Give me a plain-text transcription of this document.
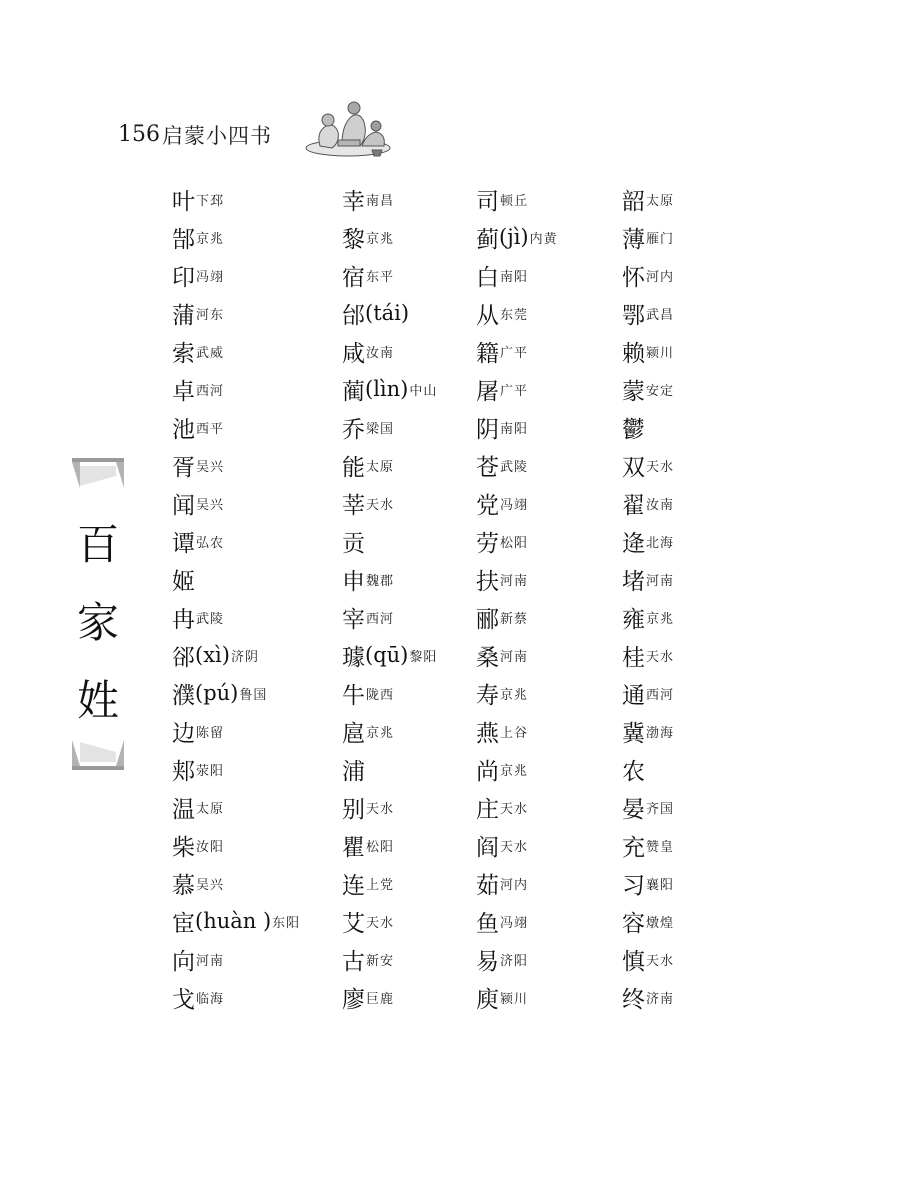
156 启蒙小四书
百
家
姓
叶 下邳
郜 京兆
印 冯翊
蒲 河东
索 武威
卓 西河
池 西平
胥 吴兴
闻 吴兴
谭 弘农
姬
冉 武陵
郤 (xì) 济阴
濮 (pú) 鲁国
边 陈留
郏 荥阳
温 太原
柴 汝阳
慕 吴兴
宦 (huàn ) 东阳
向 河南
戈 临海
幸 南昌
黎 京兆
宿 东平
邰 (tái)
咸 汝南
蔺 (lìn) 中山
乔 梁国
能 太原
莘 天水
贡
申 魏郡
宰 西河
璩 (qū) 黎阳
牛 陇西
扈 京兆
浦
别 天水
瞿 松阳
连 上党
艾 天水
古 新安
廖 巨鹿
司 顿丘
蓟 (jì) 内黄
白 南阳
从 东莞
籍 广平
屠 广平
阴 南阳
苍 武陵
党 冯翊
劳 松阳
扶 河南
郦 新蔡
桑 河南
寿 京兆
燕 上谷
尚 京兆
庄 天水
阎 天水
茹 河内
鱼 冯翊
易 济阳
庾 颍川
韶 太原
薄 雁门
怀 河内
鄂 武昌
赖 颍川
蒙 安定
鬱
双 天水
翟 汝南
逄 北海
堵 河南
雍 京兆
桂 天水
通 西河
冀 渤海
农
晏 齐国
充 赞皇
习 襄阳
容 燉煌
慎 天水
终 济南
